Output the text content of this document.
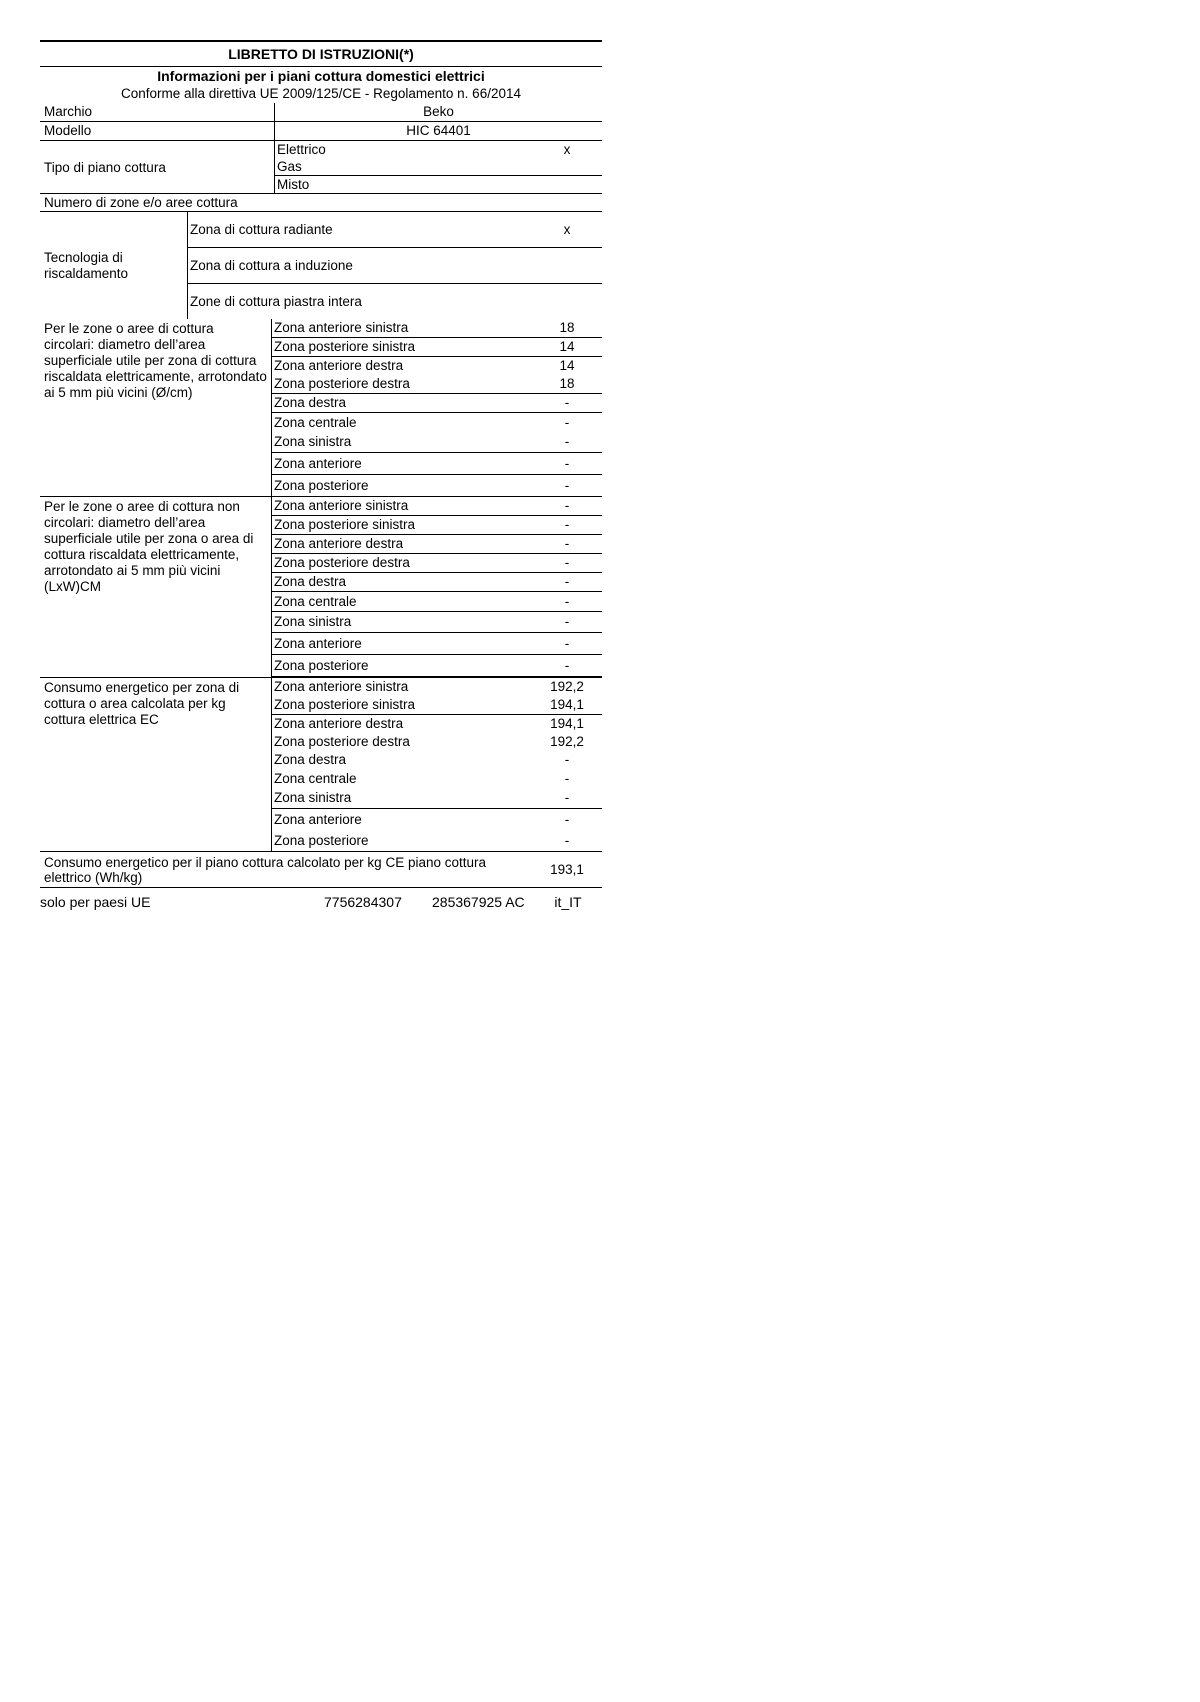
LIBRETTO DI ISTRUZIONI(*)
Informazioni per i piani cottura domestici elettrici
Conforme alla direttiva UE 2009/125/CE - Regolamento n. 66/2014
Marchio	Beko
Modello	HIC 64401
Tipo di piano cottura
Elettrico	x
Gas
Misto
Numero di zone e/o aree cottura
Tecnologia di riscaldamento
Zona di cottura radiante	x
Zona di cottura a induzione
Zone di cottura piastra intera
Per le zone o aree di cottura circolari: diametro dell’area superficiale utile per zona di cottura riscaldata elettricamente, arrotondato ai 5 mm più vicini (Ø/cm)
Zona anteriore sinistra	18
Zona posteriore sinistra	14
Zona anteriore destra	14
Zona posteriore destra	18
Zona destra	-
Zona centrale	-
Zona sinistra	-
Zona anteriore	-
Zona posteriore	-
Per le zone o aree di cottura non circolari: diametro dell’area superficiale utile per zona o area di cottura riscaldata elettricamente, arrotondato ai 5 mm più vicini (LxW)CM
Zona anteriore sinistra	-
Zona posteriore sinistra	-
Zona anteriore destra	-
Zona posteriore destra	-
Zona destra	-
Zona centrale	-
Zona sinistra	-
Zona anteriore	-
Zona posteriore	-
Consumo energetico per zona di cottura o area calcolata per kg cottura elettrica EC
Zona anteriore sinistra	192,2
Zona posteriore sinistra	194,1
Zona anteriore destra	194,1
Zona posteriore destra	192,2
Zona destra	-
Zona centrale	-
Zona sinistra	-
Zona anteriore	-
Zona posteriore	-
Consumo energetico per il piano cottura calcolato per kg CE piano cottura elettrico (Wh/kg)	193,1
solo per paesi UE	7756284307	285367925 AC	it_IT
